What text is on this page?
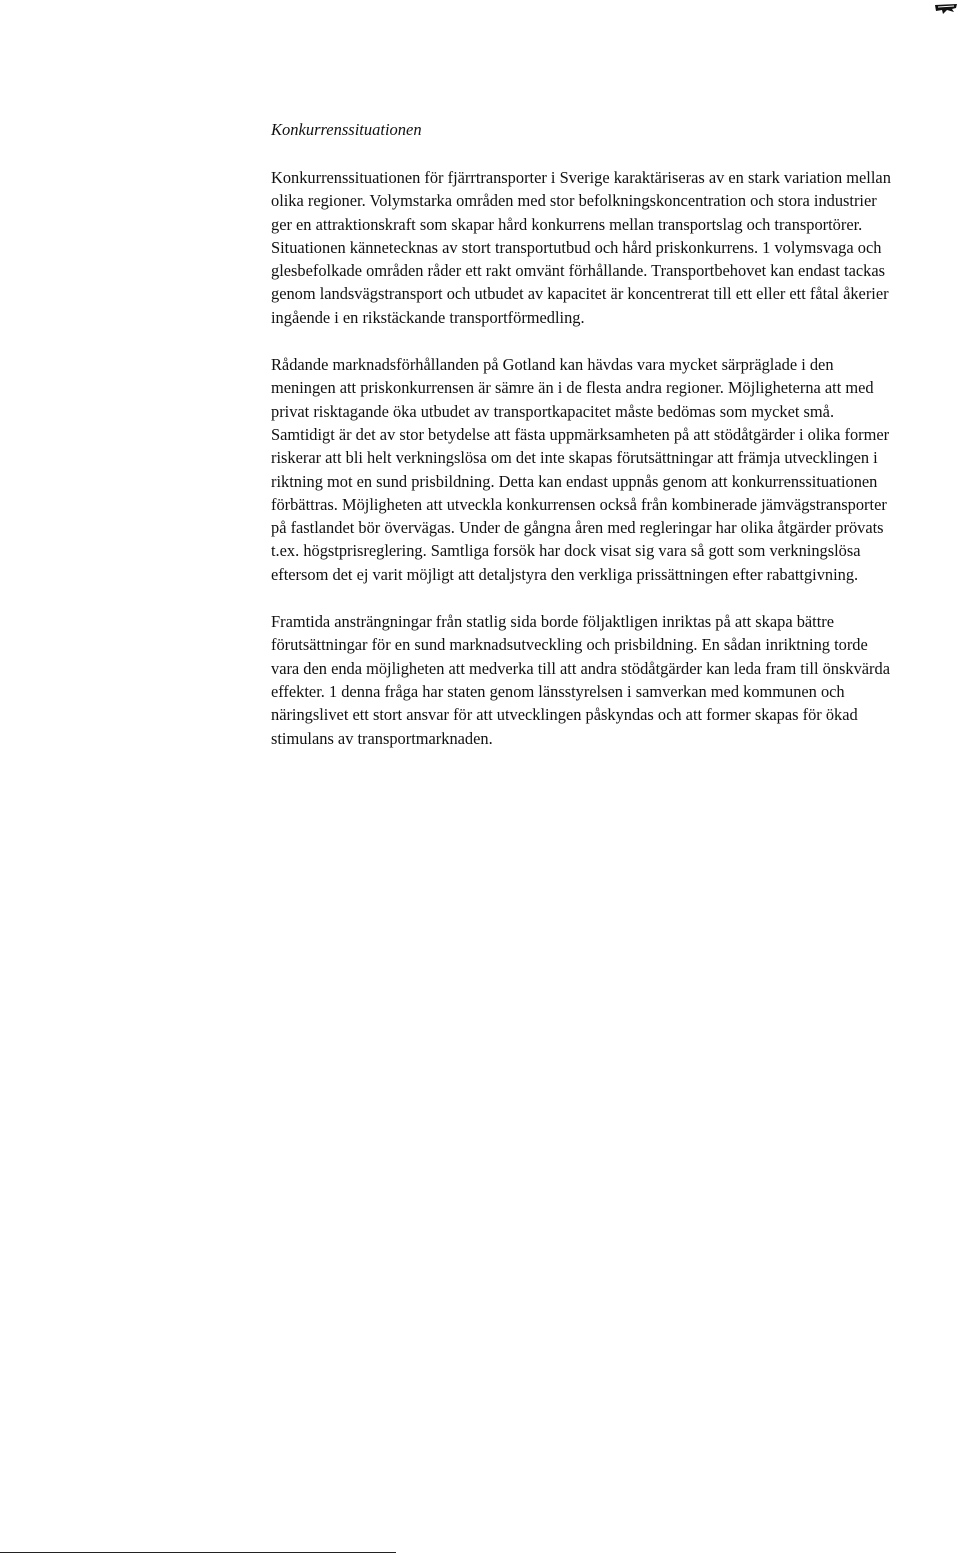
Konkurrenssituationen

Konkurrenssituationen för fjärrtransporter i Sverige karaktäriseras av en stark variation mellan olika regioner. Volymstarka områden med stor befolkningskoncentration och stora industrier ger en attraktionskraft som skapar hård konkurrens mellan transportslag och transportörer. Situationen kännetecknas av stort transportutbud och hård priskonkurrens. 1 volymsvaga och glesbefolkade områden råder ett rakt omvänt förhållande. Transportbehovet kan endast tackas genom landsvägstransport och utbudet av kapacitet är koncentrerat till ett eller ett fåtal åkerier ingående i en rikstäckande transportförmedling.

Rådande marknadsförhållanden på Gotland kan hävdas vara mycket särpräglade i den meningen att priskonkurrensen är sämre än i de flesta andra regioner. Möjligheterna att med privat risktagande öka utbudet av transportkapacitet måste bedömas som mycket små. Samtidigt är det av stor betydelse att fästa uppmärksamheten på att stödåtgärder i olika former riskerar att bli helt verkningslösa om det inte skapas förutsättningar att främja utvecklingen i riktning mot en sund prisbildning. Detta kan endast uppnås genom att konkurrenssituationen förbättras. Möjligheten att utveckla konkurrensen också från kombinerade jämvägstransporter på fastlandet bör övervägas. Under de gångna åren med regleringar har olika åtgärder prövats t.ex. högstprisreglering. Samtliga forsök har dock visat sig vara så gott som verkningslösa eftersom det ej varit möjligt att detaljstyra den verkliga prissättningen efter rabattgivning.

Framtida ansträngningar från statlig sida borde följaktligen inriktas på att skapa bättre förutsättningar för en sund marknadsutveckling och prisbildning. En sådan inriktning torde vara den enda möjligheten att medverka till att andra stödåtgärder kan leda fram till önskvärda effekter. 1 denna fråga har staten genom länsstyrelsen i samverkan med kommunen och näringslivet ett stort ansvar för att utvecklingen påskyndas och att former skapas för ökad stimulans av transportmarknaden.
